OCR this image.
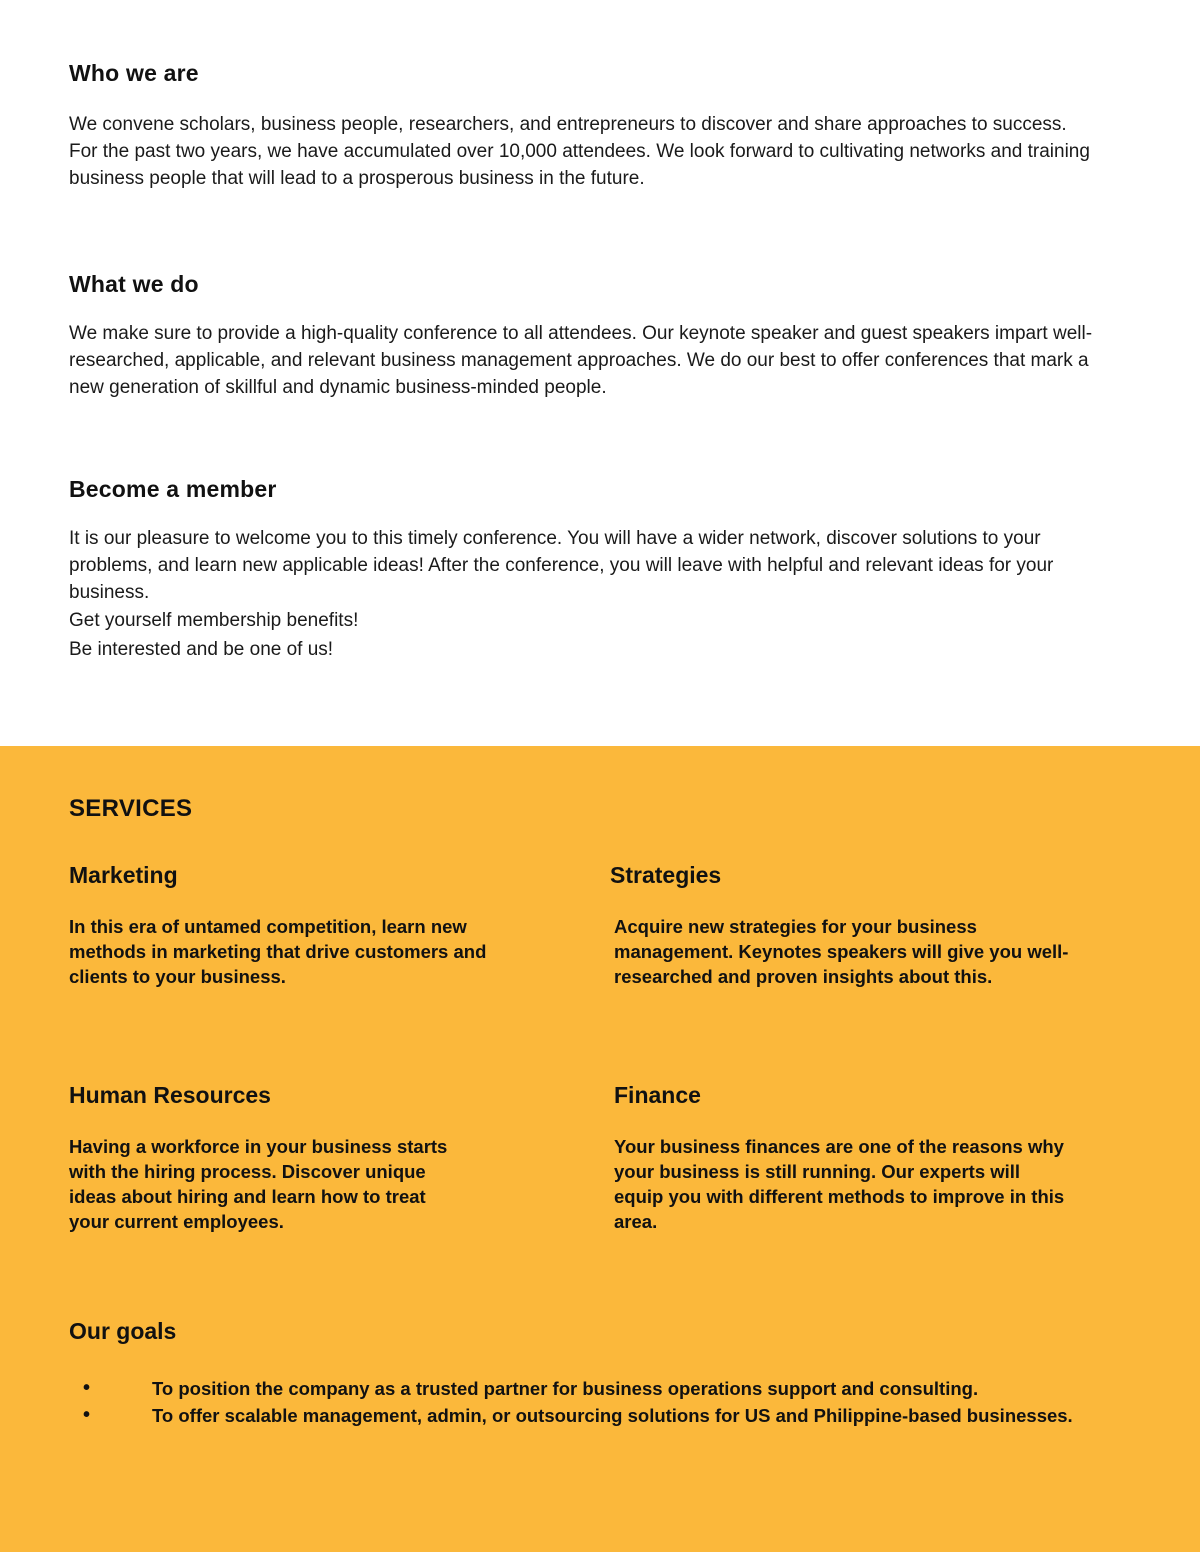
Who we are

We convene scholars, business people, researchers, and entrepreneurs to discover and share approaches to success. For the past two years, we have accumulated over 10,000 attendees. We look forward to cultivating networks and training business people that will lead to a prosperous business in the future.

What we do

We make sure to provide a high-quality conference to all attendees. Our keynote speaker and guest speakers impart well-researched, applicable, and relevant business management approaches. We do our best to offer conferences that mark a new generation of skillful and dynamic business-minded people.

Become a member

It is our pleasure to welcome you to this timely conference. You will have a wider network, discover solutions to your problems, and learn new applicable ideas! After the conference, you will leave with helpful and relevant ideas for your business.

Get yourself membership benefits!

Be interested and be one of us!

SERVICES
Marketing

In this era of untamed competition, learn new methods in marketing that drive customers and clients to your business.

Strategies

Acquire new strategies for your business management. Keynotes speakers will give you well-researched and proven insights about this.

Human Resources

Having a workforce in your business starts with the hiring process. Discover unique ideas about hiring and learn how to treat your current employees.

Finance

Your business finances are one of the reasons why your business is still running. Our experts will equip you with different methods to improve in this area.

Our goals
•	To position the company as a trusted partner for business operations support and consulting.
•	To offer scalable management, admin, or outsourcing solutions for US and Philippine-based businesses.
